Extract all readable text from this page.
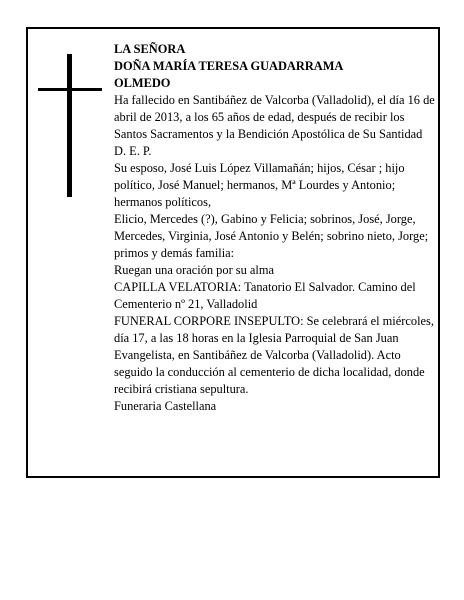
LA SEÑORA

DOÑA MARÍA TERESA GUADARRAMA

OLMEDO

Ha fallecido en Santibáñez de Valcorba (Valladolid), el día 16 de abril de 2013, a los 65 años de edad, después de recibir los Santos Sacramentos y la Bendición Apostólica de Su Santidad

D. E. P.

Su esposo, José Luis López Villamañán; hijos, César ; hijo político, José Manuel; hermanos, Mª Lourdes y Antonio; hermanos políticos,

Elicio, Mercedes (?), Gabino y Felicia; sobrinos, José, Jorge, Mercedes, Virginia, José Antonio y Belén; sobrino nieto, Jorge; primos y demás familia:

Ruegan una oración por su alma

CAPILLA VELATORIA: Tanatorio El Salvador. Camino del Cementerio nº 21, Valladolid

FUNERAL CORPORE INSEPULTO: Se celebrará el miércoles, día 17, a las 18 horas en la Iglesia Parroquial de San Juan Evangelista, en Santibáñez de Valcorba (Valladolid). Acto seguido la conducción al cementerio de dicha localidad, donde recibirá cristiana sepultura.

Funeraria Castellana
